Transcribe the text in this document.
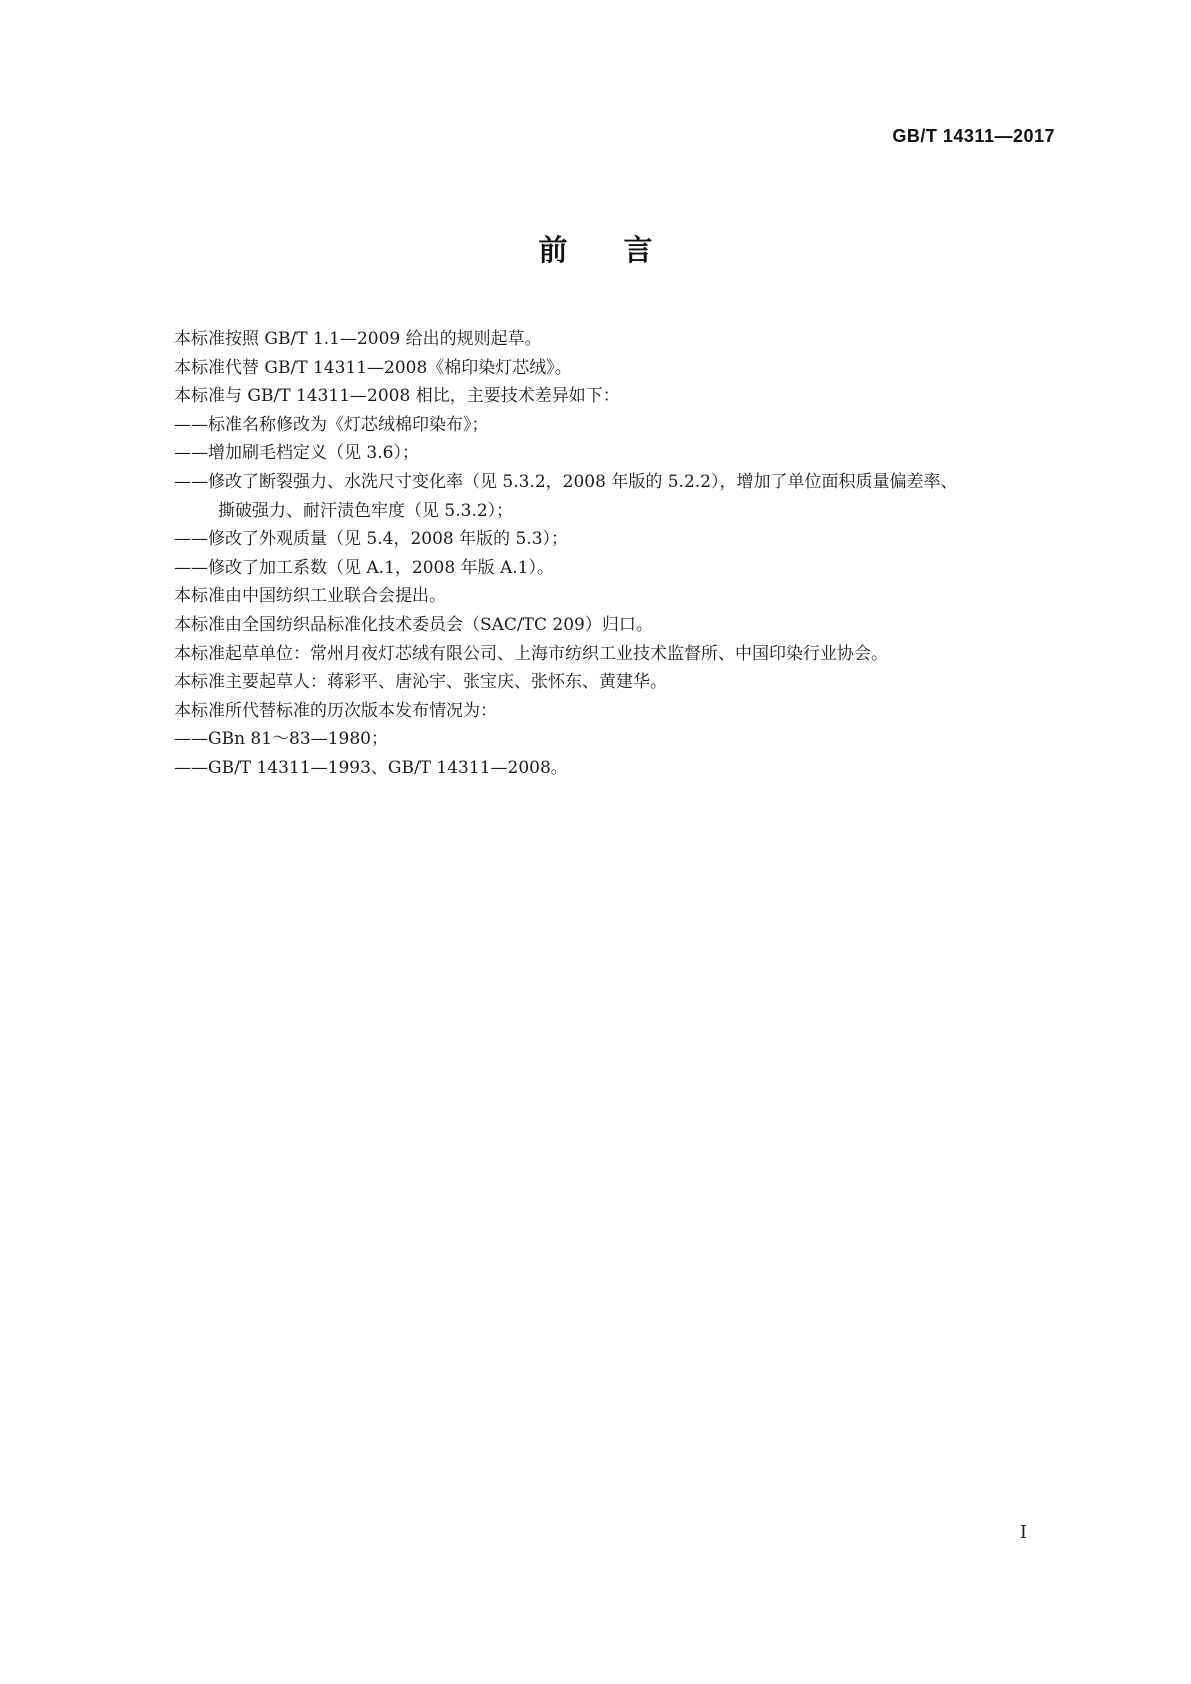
GB/T 14311—2017
前言
本标准按照 GB/T 1.1—2009 给出的规则起草。
本标准代替 GB/T 14311—2008《棉印染灯芯绒》。
本标准与 GB/T 14311—2008 相比，主要技术差异如下：
——标准名称修改为《灯芯绒棉印染布》；
——增加刷毛档定义（见 3.6）；
——修改了断裂强力、水洗尺寸变化率（见 5.3.2，2008 年版的 5.2.2），增加了单位面积质量偏差率、
撕破强力、耐汗渍色牢度（见 5.3.2）；
——修改了外观质量（见 5.4，2008 年版的 5.3）；
——修改了加工系数（见 A.1，2008 年版 A.1）。
本标准由中国纺织工业联合会提出。
本标准由全国纺织品标准化技术委员会（SAC/TC 209）归口。
本标准起草单位：常州月夜灯芯绒有限公司、上海市纺织工业技术监督所、中国印染行业协会。
本标准主要起草人：蒋彩平、唐沁宇、张宝庆、张怀东、黄建华。
本标准所代替标准的历次版本发布情况为：
——GBn 81～83—1980；
——GB/T 14311—1993、GB/T 14311—2008。
I
